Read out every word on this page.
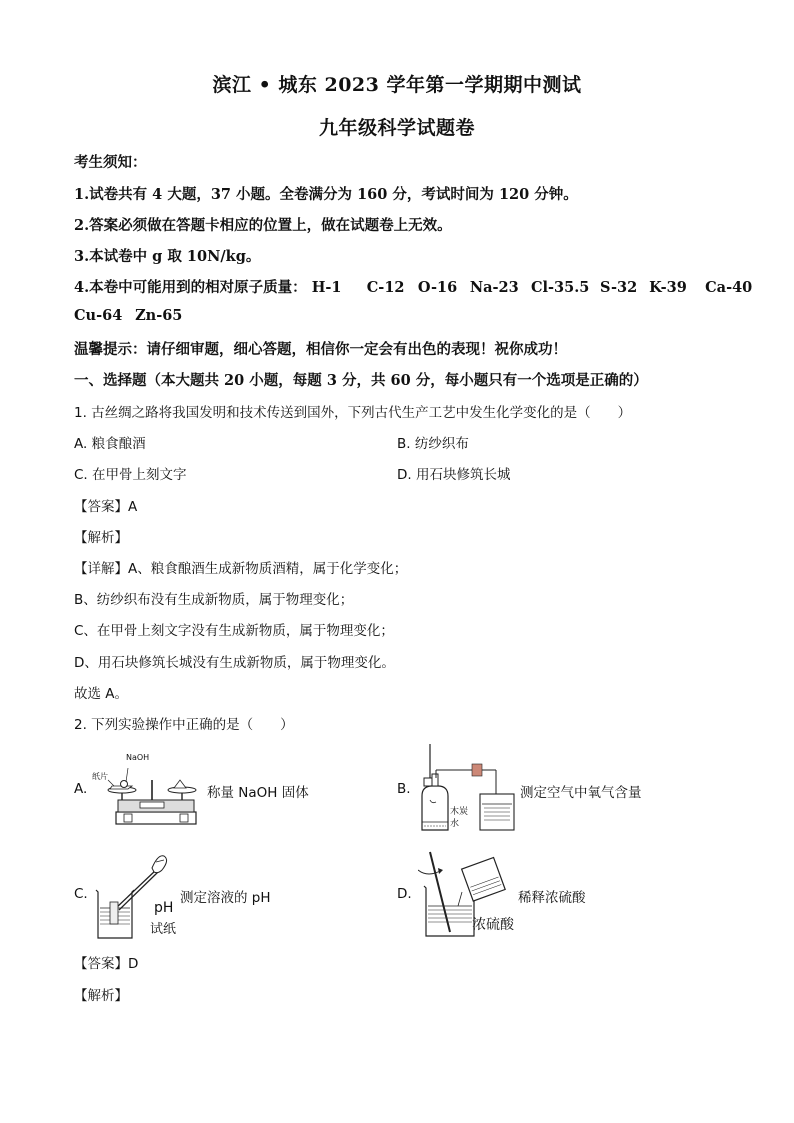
滨江 • 城东 2023 学年第一学期期中测试
九年级科学试题卷
考生须知：
1.试卷共有 4 大题，37 小题。全卷满分为 160 分，考试时间为 120 分钟。
2.答案必须做在答题卡相应的位置上，做在试题卷上无效。
3.本试卷中 g 取 10N/kg。
4.本卷中可能用到的相对原子质量： H-1 C-12 O-16 Na-23 Cl-35.5 S-32 K-39 Ca-40
Cu-64 Zn-65
温馨提示：请仔细审题，细心答题，相信你一定会有出色的表现！祝你成功！
一、选择题（本大题共 20 小题，每题 3 分，共 60 分，每小题只有一个选项是正确的）
1. 古丝绸之路将我国发明和技术传送到国外，下列古代生产工艺中发生化学变化的是（　　）
A. 粮食酿酒	B. 纺纱织布
C. 在甲骨上刻文字	D. 用石块修筑长城
【答案】A
【解析】
【详解】A、粮食酿酒生成新物质酒精，属于化学变化；
B、纺纱织布没有生成新物质，属于物理变化；
C、在甲骨上刻文字没有生成新物质，属于物理变化；
D、用石块修筑长城没有生成新物质，属于物理变化。
故选 A。
2. 下列实验操作中正确的是（　　）
A.
NaOH
纸片
称量 NaOH 固体	B.
木炭
水
测定空气中氧气含量
C.
pH
试纸
测定溶液的 pH	D.
浓硫酸
稀释浓硫酸
【答案】D
【解析】
